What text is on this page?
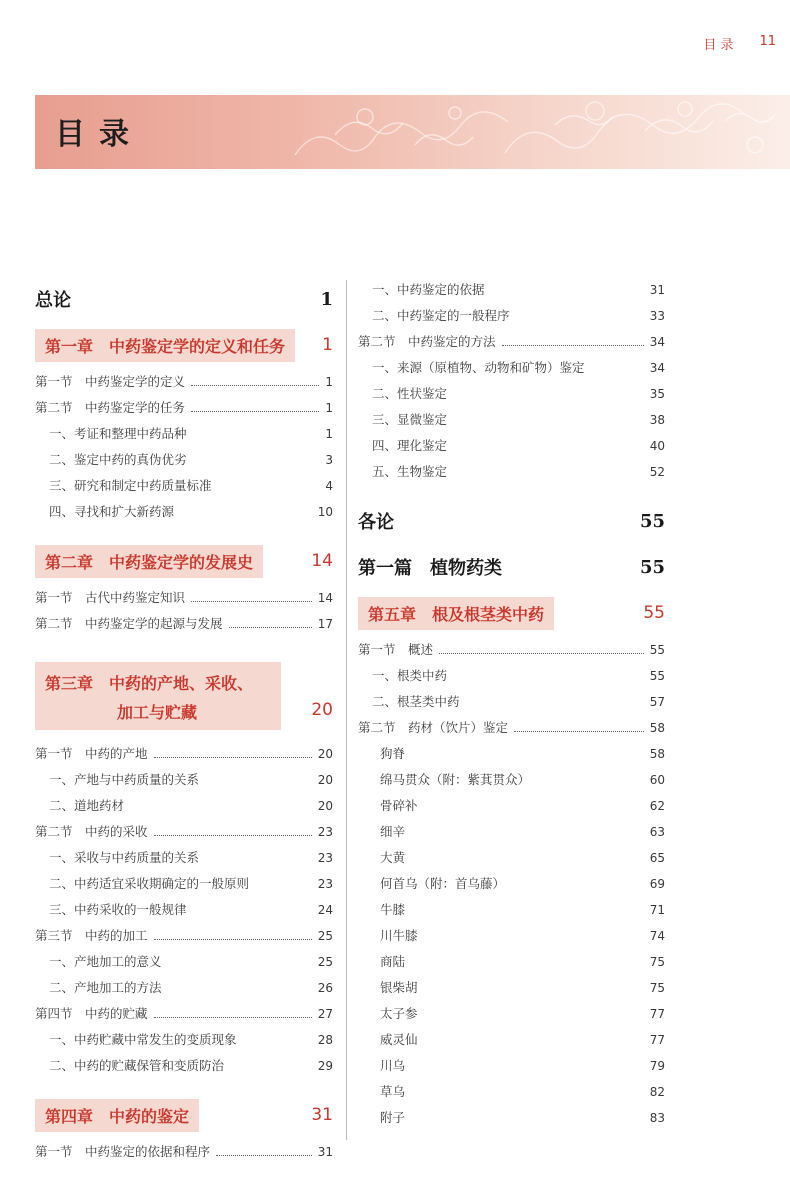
目 录 11
目录
总论	1
第一章　中药鉴定学的定义和任务	1
第一节　中药鉴定学的定义	1
第二节　中药鉴定学的任务	1
一、考证和整理中药品种	1
二、鉴定中药的真伪优劣	3
三、研究和制定中药质量标准	4
四、寻找和扩大新药源	10
第二章　中药鉴定学的发展史	14
第一节　古代中药鉴定知识	14
第二节　中药鉴定学的起源与发展	17
第三章　中药的产地、采收、
加工与贮藏	20
第一节　中药的产地	20
一、产地与中药质量的关系	20
二、道地药材	20
第二节　中药的采收	23
一、采收与中药质量的关系	23
二、中药适宜采收期确定的一般原则	23
三、中药采收的一般规律	24
第三节　中药的加工	25
一、产地加工的意义	25
二、产地加工的方法	26
第四节　中药的贮藏	27
一、中药贮藏中常发生的变质现象	28
二、中药的贮藏保管和变质防治	29
第四章　中药的鉴定	31
第一节　中药鉴定的依据和程序	31
一、中药鉴定的依据	31
二、中药鉴定的一般程序	33
第二节　中药鉴定的方法	34
一、来源（原植物、动物和矿物）鉴定	34
二、性状鉴定	35
三、显微鉴定	38
四、理化鉴定	40
五、生物鉴定	52
各论	55
第一篇　植物药类	55
第五章　根及根茎类中药	55
第一节　概述	55
一、根类中药	55
二、根茎类中药	57
第二节　药材（饮片）鉴定	58
狗脊	58
绵马贯众（附：紫萁贯众）	60
骨碎补	62
细辛	63
大黄	65
何首乌（附：首乌藤）	69
牛膝	71
川牛膝	74
商陆	75
银柴胡	75
太子参	77
威灵仙	77
川乌	79
草乌	82
附子	83
